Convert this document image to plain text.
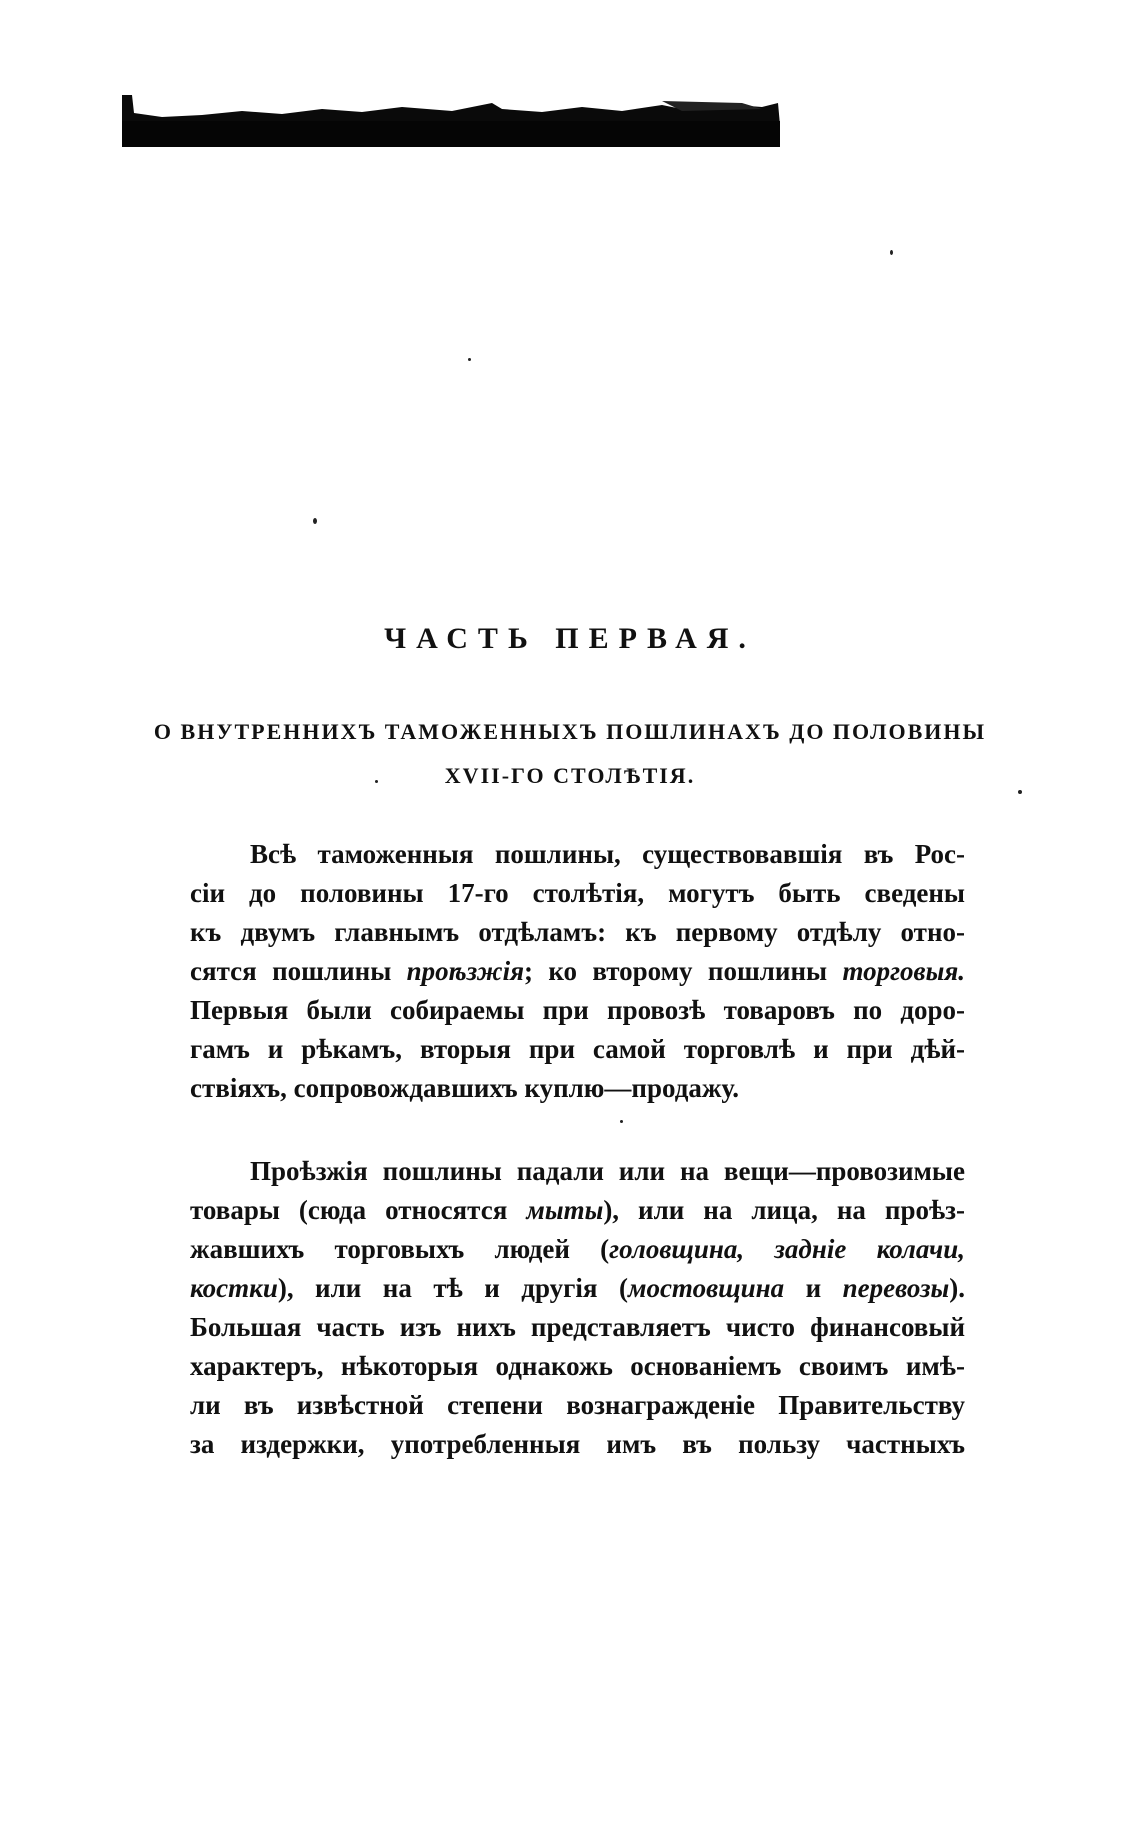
ЧАСТЬ ПЕРВАЯ.
О ВНУТРЕННИХЪ ТАМОЖЕННЫХЪ ПОШЛИНАХЪ ДО ПОЛОВИНЫ
XVII-ГО СТОЛѢТІЯ.
Всѣ таможенныя пошлины, существовавшія въ Рос-
сіи до половины 17-го столѣтія, могутъ быть сведены
къ двумъ главнымъ отдѣламъ: къ первому отдѣлу отно-
сятся пошлины проѣзжія; ко второму пошлины торговыя.
Первыя были собираемы при провозѣ товаровъ по доро-
гамъ и рѣкамъ, вторыя при самой торговлѣ и при дѣй-
ствіяхъ, сопровождавшихъ куплю—продажу.
Проѣзжія пошлины падали или на вещи—провозимые
товары (сюда относятся мыты), или на лица, на проѣз-
жавшихъ торговыхъ людей (головщина, задніе колачи,
костки), или на тѣ и другія (мостовщина и перевозы).
Большая часть изъ нихъ представляетъ чисто финансовый
характеръ, нѣкоторыя однакожь основаніемъ своимъ имѣ-
ли въ извѣстной степени вознагражденіе Правительству
за издержки, употребленныя имъ въ пользу частныхъ
